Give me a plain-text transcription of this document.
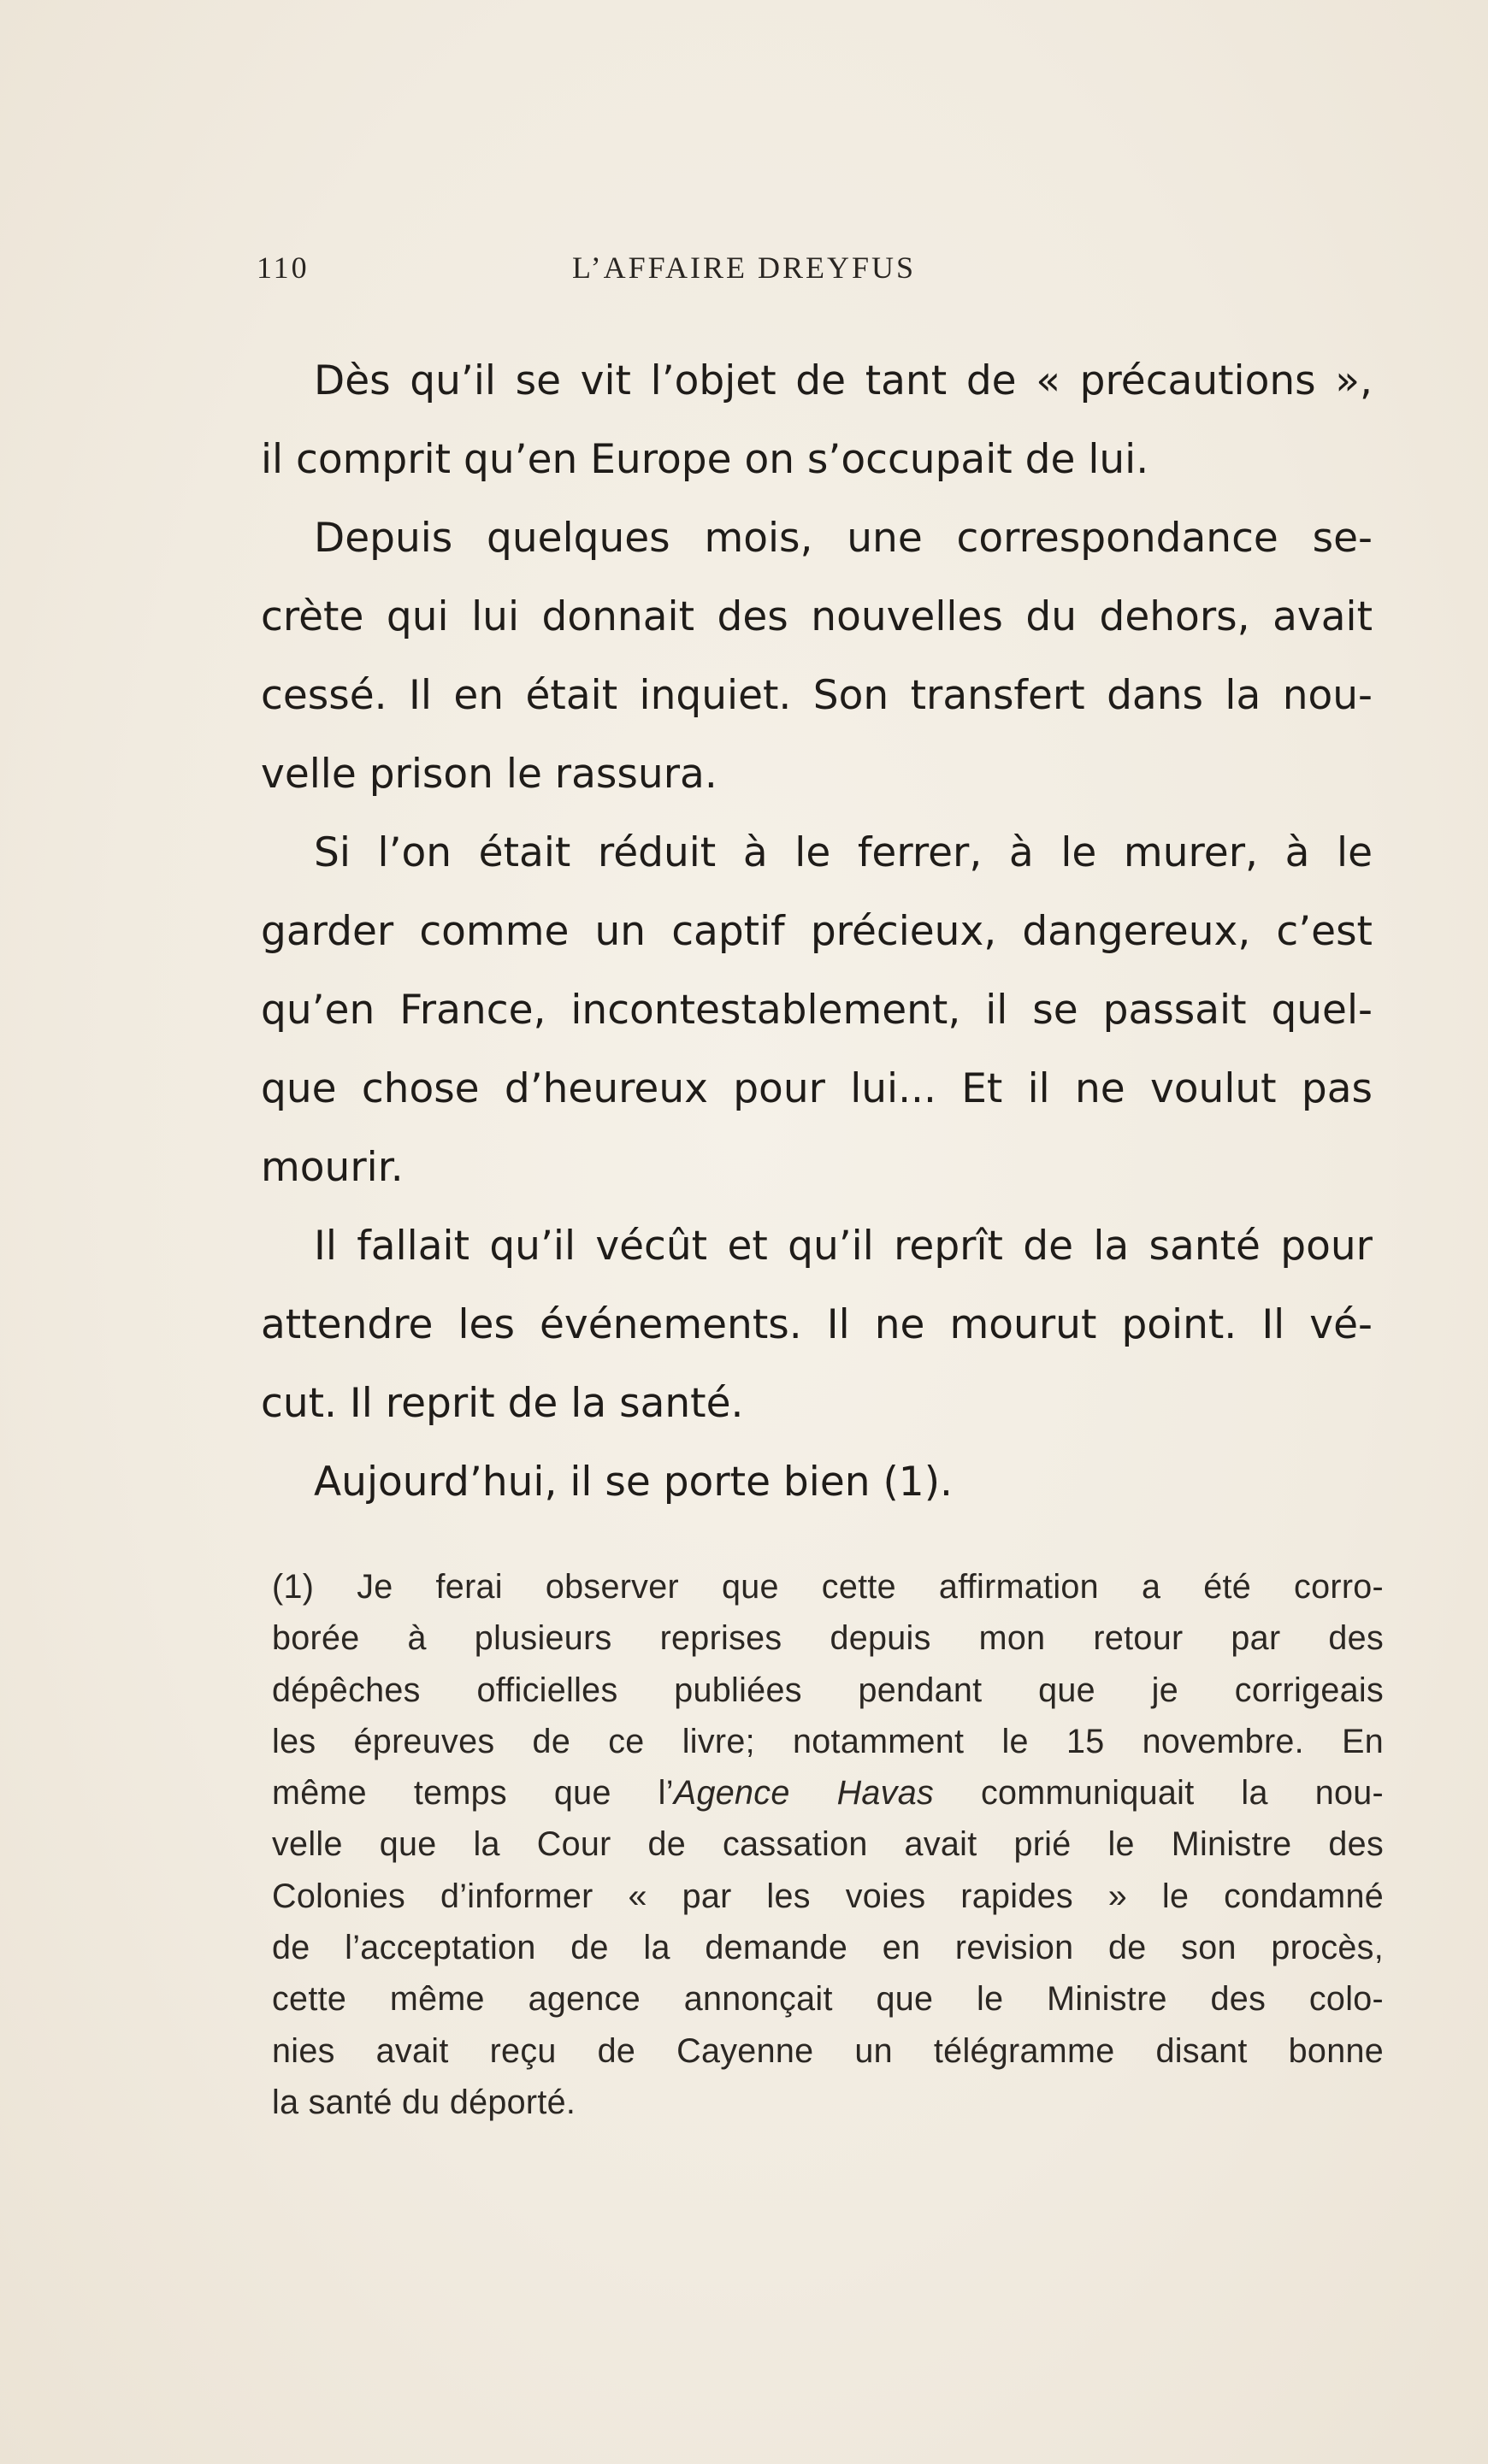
110	L’AFFAIRE DREYFUS
Dès qu’il se vit l’objet de tant de « précautions »,
il comprit qu’en Europe on s’occupait de lui.
Depuis quelques mois, une correspondance se-
crète qui lui donnait des nouvelles du dehors, avait
cessé. Il en était inquiet. Son transfert dans la nou-
velle prison le rassura.
Si l’on était réduit à le ferrer, à le murer, à le
garder comme un captif précieux, dangereux, c’est
qu’en France, incontestablement, il se passait quel-
que chose d’heureux pour lui... Et il ne voulut pas
mourir.
Il fallait qu’il vécût et qu’il reprît de la santé pour
attendre les événements. Il ne mourut point. Il vé-
cut. Il reprit de la santé.
Aujourd’hui, il se porte bien (1).
(1) Je ferai observer que cette affirmation a été corro-
borée à plusieurs reprises depuis mon retour par des
dépêches officielles publiées pendant que je corrigeais
les épreuves de ce livre; notamment le 15 novembre. En
même temps que l’Agence Havas communiquait la nou-
velle que la Cour de cassation avait prié le Ministre des
Colonies d’informer « par les voies rapides » le condamné
de l’acceptation de la demande en revision de son procès,
cette même agence annonçait que le Ministre des colo-
nies avait reçu de Cayenne un télégramme disant bonne
la santé du déporté.
